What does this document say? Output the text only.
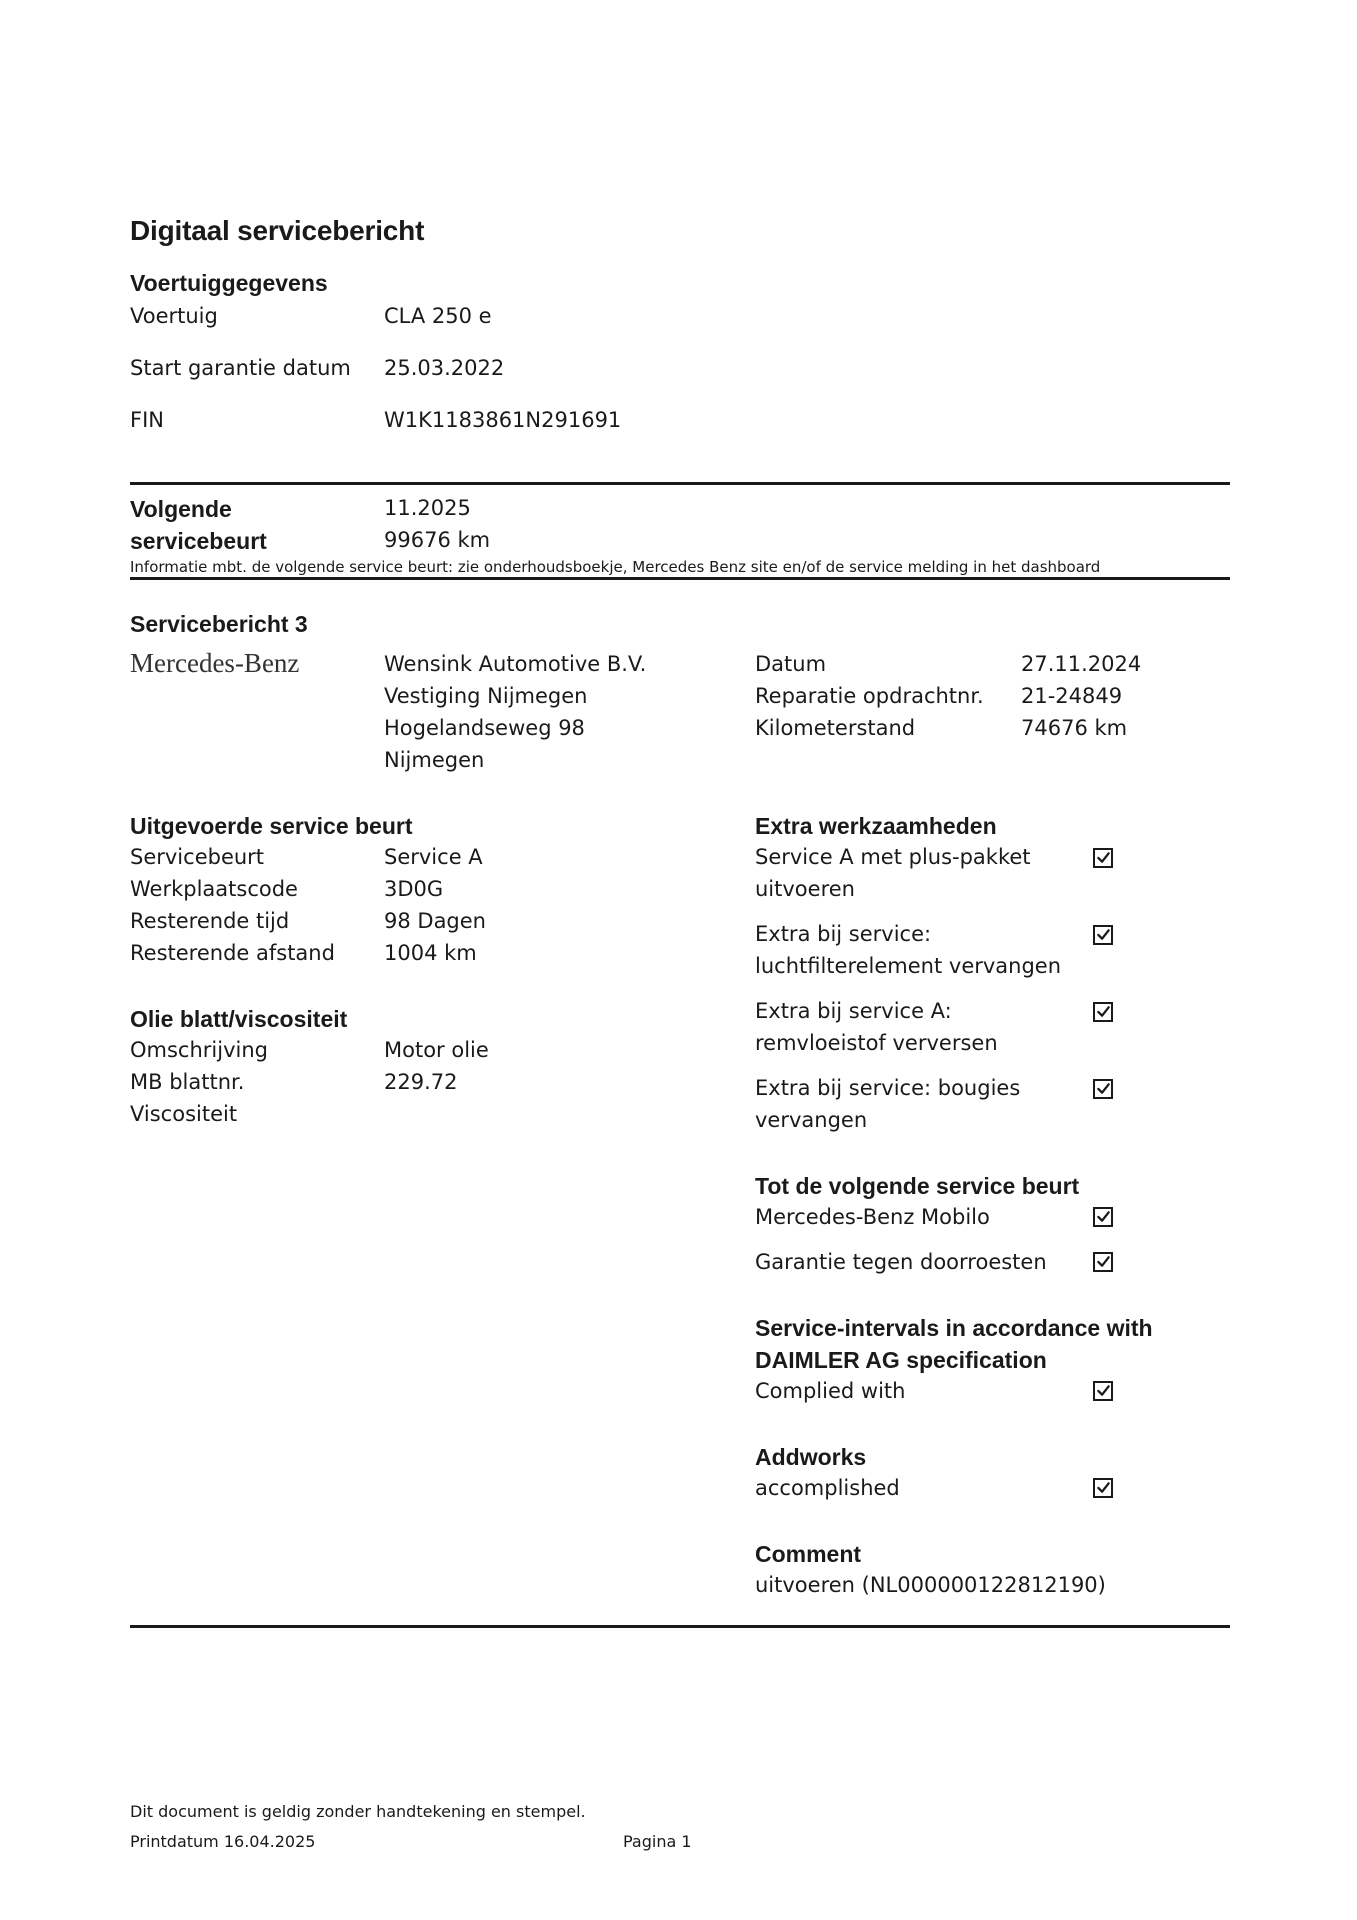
Digitaal servicebericht
Voertuiggegevens
Voertuig	CLA 250 e
Start garantie datum 25.03.2022
FIN	W1K1183861N291691
Volgende
servicebeurt
11.2025
99676 km
Informatie mbt. de volgende service beurt: zie onderhoudsboekje, Mercedes Benz site en/of de service melding in het dashboard
Servicebericht 3
Mercedes-Benz	Wensink Automotive B.V.
Vestiging Nijmegen
Hogelandseweg 98
Nijmegen
Datum	27.11.2024
Reparatie opdrachtnr. 21-24849
Kilometerstand	74676 km
Uitgevoerde service beurt
Servicebeurt	Service A
Werkplaatscode	3D0G
Resterende tijd	98 Dagen
Resterende afstand 1004 km
Olie blatt/viscositeit
Omschrijving	Motor olie
MB blattnr.	229.72
Viscositeit
Extra werkzaamheden
Service A met plus-pakket
uitvoeren
Extra bij service:
luchtfilterelement vervangen
Extra bij service A:
remvloeistof verversen
Extra bij service: bougies
vervangen
Tot de volgende service beurt
Mercedes-Benz Mobilo
Garantie tegen doorroesten
Service-intervals in accordance with
DAIMLER AG specification
Complied with
Addworks
accomplished
Comment
uitvoeren (NL000000122812190)
Dit document is geldig zonder handtekening en stempel.
Printdatum 16.04.2025	Pagina 1
